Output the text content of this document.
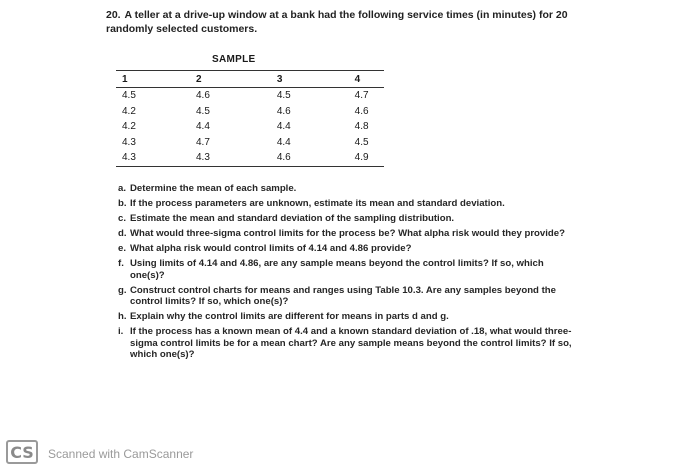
20. A teller at a drive-up window at a bank had the following service times (in minutes) for 20 randomly selected customers.
SAMPLE
1	2	3	4
4.5	4.6	4.5	4.7
4.2	4.5	4.6	4.6
4.2	4.4	4.4	4.8
4.3	4.7	4.4	4.5
4.3	4.3	4.6	4.9
a. Determine the mean of each sample.
b. If the process parameters are unknown, estimate its mean and standard deviation.
c. Estimate the mean and standard deviation of the sampling distribution.
d. What would three-sigma control limits for the process be? What alpha risk would they provide?
e. What alpha risk would control limits of 4.14 and 4.86 provide?
f. Using limits of 4.14 and 4.86, are any sample means beyond the control limits? If so, which one(s)?
g. Construct control charts for means and ranges using Table 10.3. Are any samples beyond the control limits? If so, which one(s)?
h. Explain why the control limits are different for means in parts d and g.
i. If the process has a known mean of 4.4 and a known standard deviation of .18, what would three-sigma control limits be for a mean chart? Are any sample means beyond the control limits? If so, which one(s)?
CS	Scanned with CamScanner
